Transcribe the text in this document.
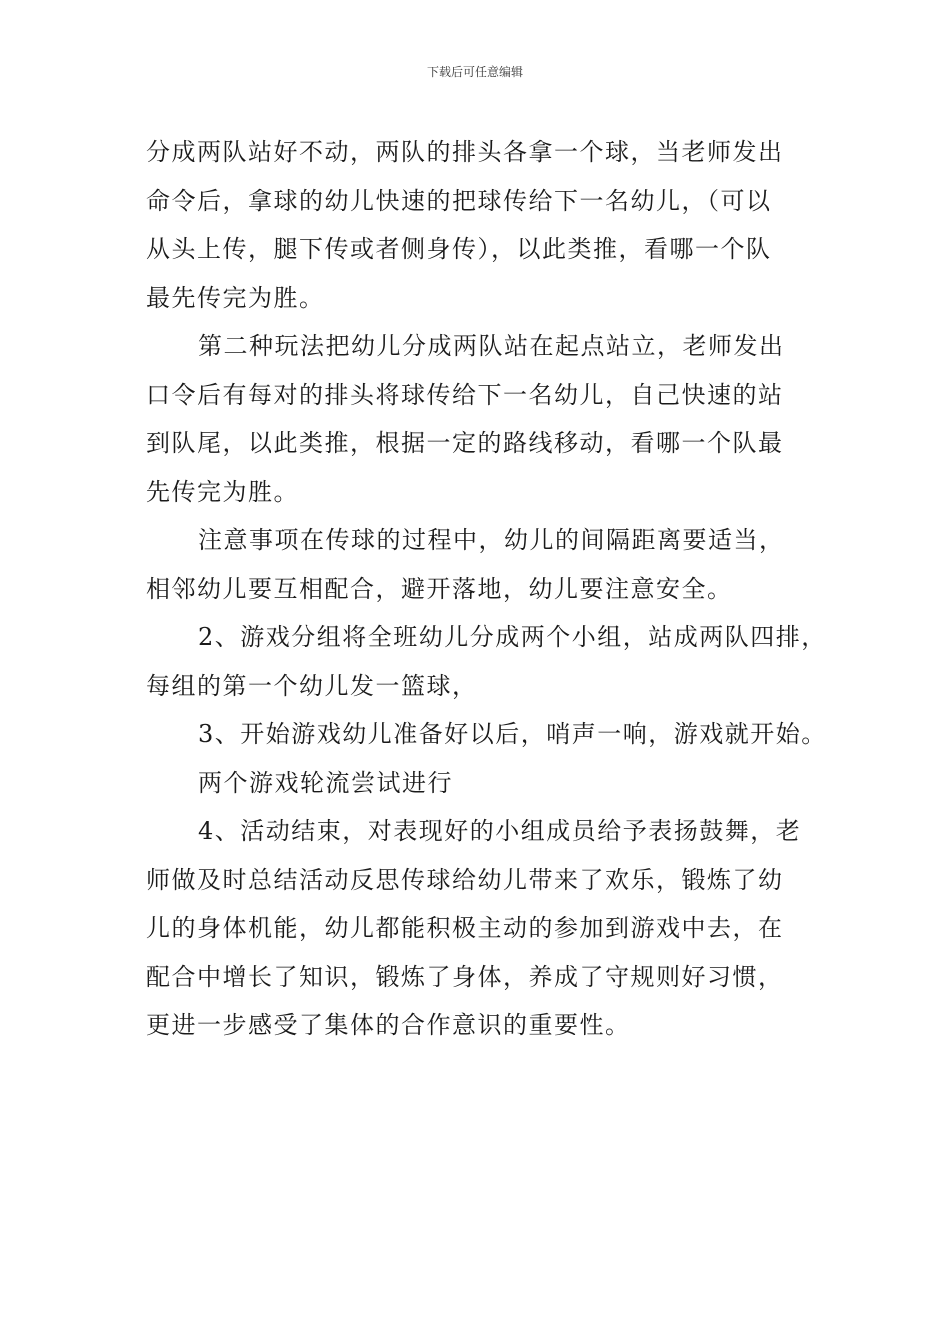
下载后可任意编辑
分成两队站好不动，两队的排头各拿一个球，当老师发出
命令后，拿球的幼儿快速的把球传给下一名幼儿，（可以
从头上传，腿下传或者侧身传），以此类推，看哪一个队
最先传完为胜。
第二种玩法把幼儿分成两队站在起点站立，老师发出
口令后有每对的排头将球传给下一名幼儿，自己快速的站
到队尾，以此类推，根据一定的路线移动，看哪一个队最
先传完为胜。
注意事项在传球的过程中，幼儿的间隔距离要适当，
相邻幼儿要互相配合，避开落地，幼儿要注意安全。
2、游戏分组将全班幼儿分成两个小组，站成两队四排，
每组的第一个幼儿发一篮球，
3、开始游戏幼儿准备好以后，哨声一响，游戏就开始。
两个游戏轮流尝试进行
4、活动结束，对表现好的小组成员给予表扬鼓舞，老
师做及时总结活动反思传球给幼儿带来了欢乐，锻炼了幼
儿的身体机能，幼儿都能积极主动的参加到游戏中去，在
配合中增长了知识，锻炼了身体，养成了守规则好习惯，
更进一步感受了集体的合作意识的重要性。
